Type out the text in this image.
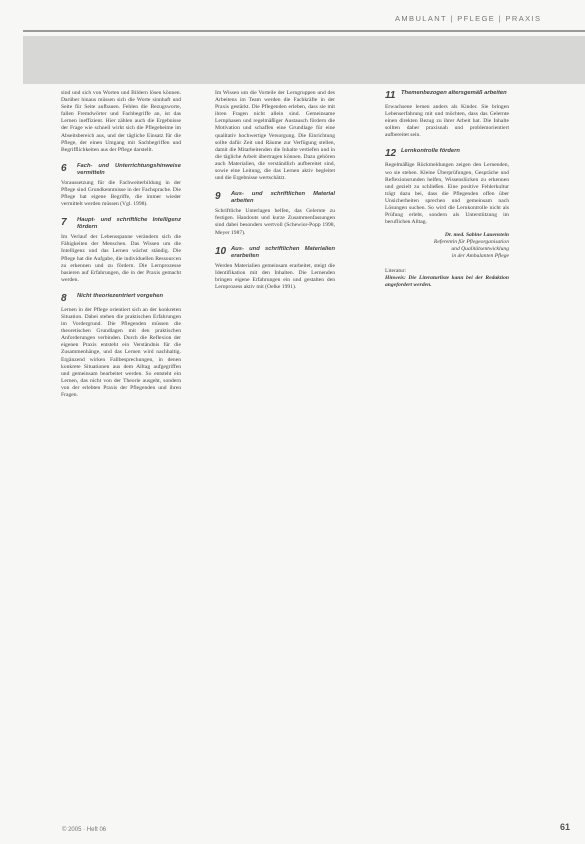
AMBULANT | PFLEGE | PRAXIS

sind und sich von Worten und Bildern lösen können. Darüber hinaus müssen sich die Worte sinnhaft und Seite für Seite aufbauen. Fehlen die Bezugsworte, fallen Fremdwörter und Fachbegriffe an, ist das Lernen ineffizient. Hier zählen auch die Ergebnisse der Frage wie schnell wirkt sich die Pflegeheime im Abseitsbereich aus, und der tägliche Einsatz für die Pflege, der einen Umgang mit Sachbegriffen und Begrifflichkeiten aus der Pflege darstellt.

6	Fach- und Unterrichtungshinweise vermitteln

Voraussetzung für die Fachweiterbildung in der Pflege sind Grundkenntnisse in der Fachsprache. Die Pflege hat eigene Begriffe, die immer wieder vermittelt werden müssen (Vgl. 1998).

7	Haupt- und schriftliche Intelligenz fördern

Im Verlauf der Lebensspanne verändern sich die Fähigkeiten der Menschen. Das Wissen um die Intelligenz und das Lernen wächst ständig. Die Pflege hat die Aufgabe, die individuellen Ressourcen zu erkennen und zu fördern. Die Lernprozesse basieren auf Erfahrungen, die in der Praxis gemacht werden.

8	Nicht theoriezentriert vorgehen

Lernen in der Pflege orientiert sich an der konkreten Situation. Dabei stehen die praktischen Erfahrungen im Vordergrund. Die Pflegenden müssen die theoretischen Grundlagen mit den praktischen Anforderungen verbinden. Durch die Reflexion der eigenen Praxis entsteht ein Verständnis für die Zusammenhänge, und das Lernen wird nachhaltig. Ergänzend wirken Fallbesprechungen, in denen konkrete Situationen aus dem Alltag aufgegriffen und gemeinsam bearbeitet werden. So entsteht ein Lernen, das nicht von der Theorie ausgeht, sondern von der erlebten Praxis der Pflegenden und ihren Fragen.

Im Wissen um die Vorteile der Lerngruppen und des Arbeitens im Team werden die Fachkräfte in der Praxis gestärkt. Die Pflegenden erleben, dass sie mit ihren Fragen nicht allein sind. Gemeinsame Lernphasen und regelmäßiger Austausch fördern die Motivation und schaffen eine Grundlage für eine qualitativ hochwertige Versorgung. Die Einrichtung sollte dafür Zeit und Räume zur Verfügung stellen, damit die Mitarbeitenden die Inhalte vertiefen und in die tägliche Arbeit übertragen können. Dazu gehören auch Materialien, die verständlich aufbereitet sind, sowie eine Leitung, die das Lernen aktiv begleitet und die Ergebnisse wertschätzt.

9	Aus- und schriftlichen Material arbeiten

Schriftliche Unterlagen helfen, das Gelernte zu festigen. Handouts und kurze Zusammenfassungen sind dabei besonders wertvoll (Schewior-Popp 1998, Meyer 1987).

10 Aus- und schriftlichen Materialien erarbeiten

Werden Materialien gemeinsam erarbeitet, steigt die Identifikation mit den Inhalten. Die Lernenden bringen eigene Erfahrungen ein und gestalten den Lernprozess aktiv mit (Oelke 1991).

11 Themenbezogen altersgemäß arbeiten

Erwachsene lernen anders als Kinder. Sie bringen Lebenserfahrung mit und möchten, dass das Gelernte einen direkten Bezug zu ihrer Arbeit hat. Die Inhalte sollten daher praxisnah und problemorientiert aufbereitet sein.

12 Lernkontrolle fördern

Regelmäßige Rückmeldungen zeigen den Lernenden, wo sie stehen. Kleine Überprüfungen, Gespräche und Reflexionsrunden helfen, Wissenslücken zu erkennen und gezielt zu schließen. Eine positive Fehlerkultur trägt dazu bei, dass die Pflegenden offen über Unsicherheiten sprechen und gemeinsam nach Lösungen suchen. So wird die Lernkontrolle nicht als Prüfung erlebt, sondern als Unterstützung im beruflichen Alltag.

Dr. med. Sabine Lauenstein
Referentin für Pflegeorganisation
und Qualitätsentwicklung
in der Ambulanten Pflege
Literatur:
Hinweis: Die Literaturliste kann bei der Redaktion angefordert werden.
© 2005 · Heft 06	61
